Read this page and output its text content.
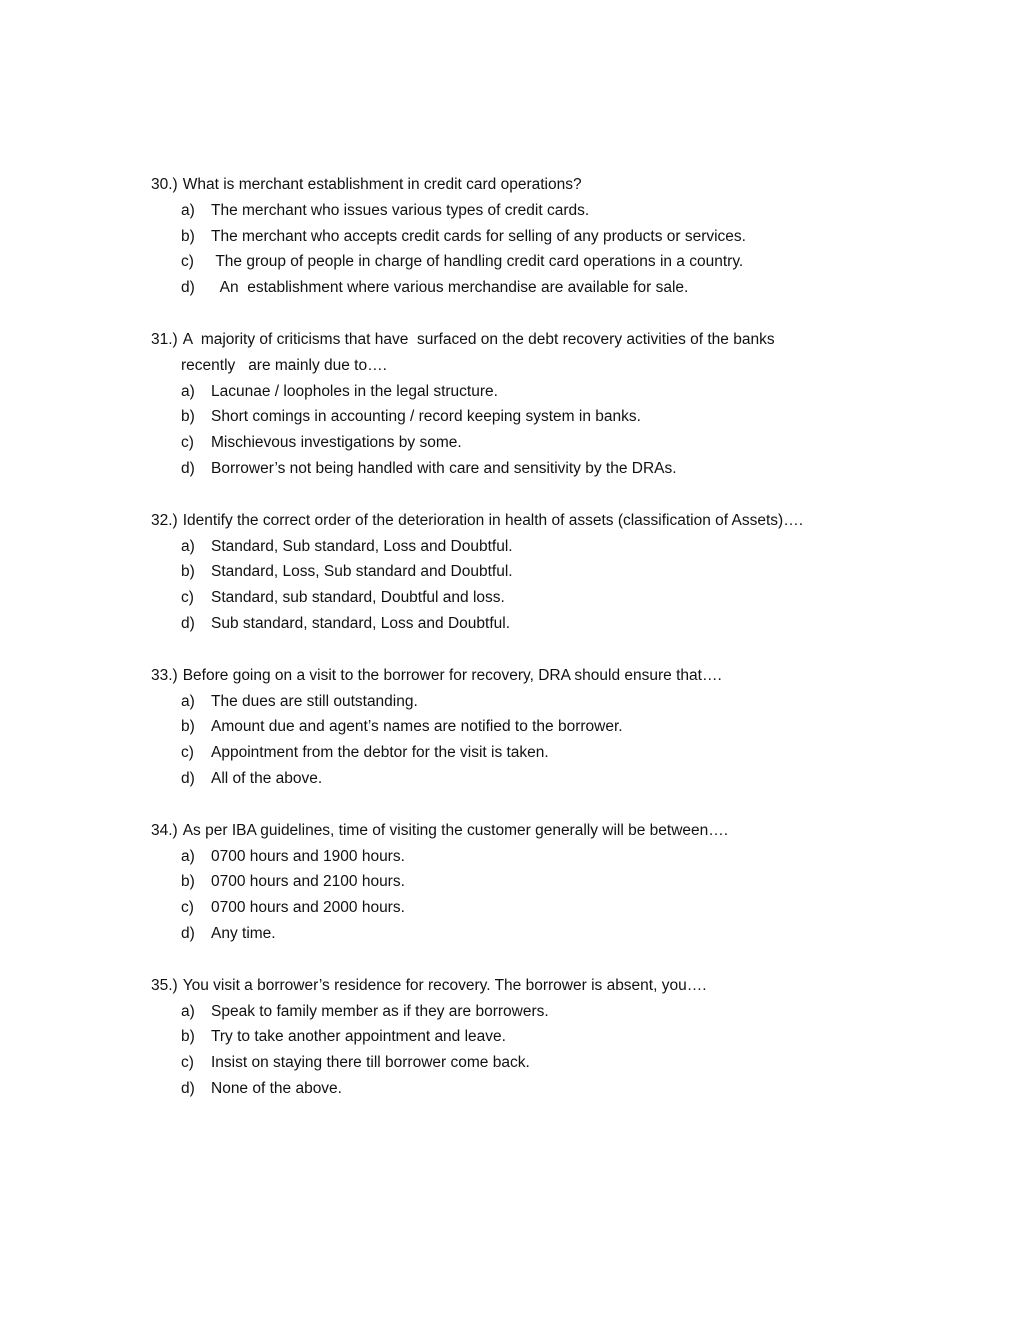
30.) What is merchant establishment in credit card operations?
a)	The merchant who issues various types of credit cards.
b)	The merchant who accepts credit cards for selling of any products or services.
c)	The group of people in charge of handling credit card operations in a country.
d)	An  establishment where various merchandise are available for sale.
31.) A  majority of criticisms that have  surfaced on the debt recovery activities of the banks
recently   are mainly due to….
a)	Lacunae / loopholes in the legal structure.
b)	Short comings in accounting / record keeping system in banks.
c)	Mischievous investigations by some.
d)	Borrower’s not being handled with care and sensitivity by the DRAs.
32.) Identify the correct order of the deterioration in health of assets (classification of Assets)….
a)	Standard, Sub standard, Loss and Doubtful.
b)	Standard, Loss, Sub standard and Doubtful.
c)	Standard, sub standard, Doubtful and loss.
d)	Sub standard, standard, Loss and Doubtful.
33.) Before going on a visit to the borrower for recovery, DRA should ensure that….
a)	The dues are still outstanding.
b)	Amount due and agent’s names are notified to the borrower.
c)	Appointment from the debtor for the visit is taken.
d)	All of the above.
34.) As per IBA guidelines, time of visiting the customer generally will be between….
a)	0700 hours and 1900 hours.
b)	0700 hours and 2100 hours.
c)	0700 hours and 2000 hours.
d)	Any time.
35.) You visit a borrower’s residence for recovery. The borrower is absent, you….
a)	Speak to family member as if they are borrowers.
b)	Try to take another appointment and leave.
c)	Insist on staying there till borrower come back.
d)	None of the above.
